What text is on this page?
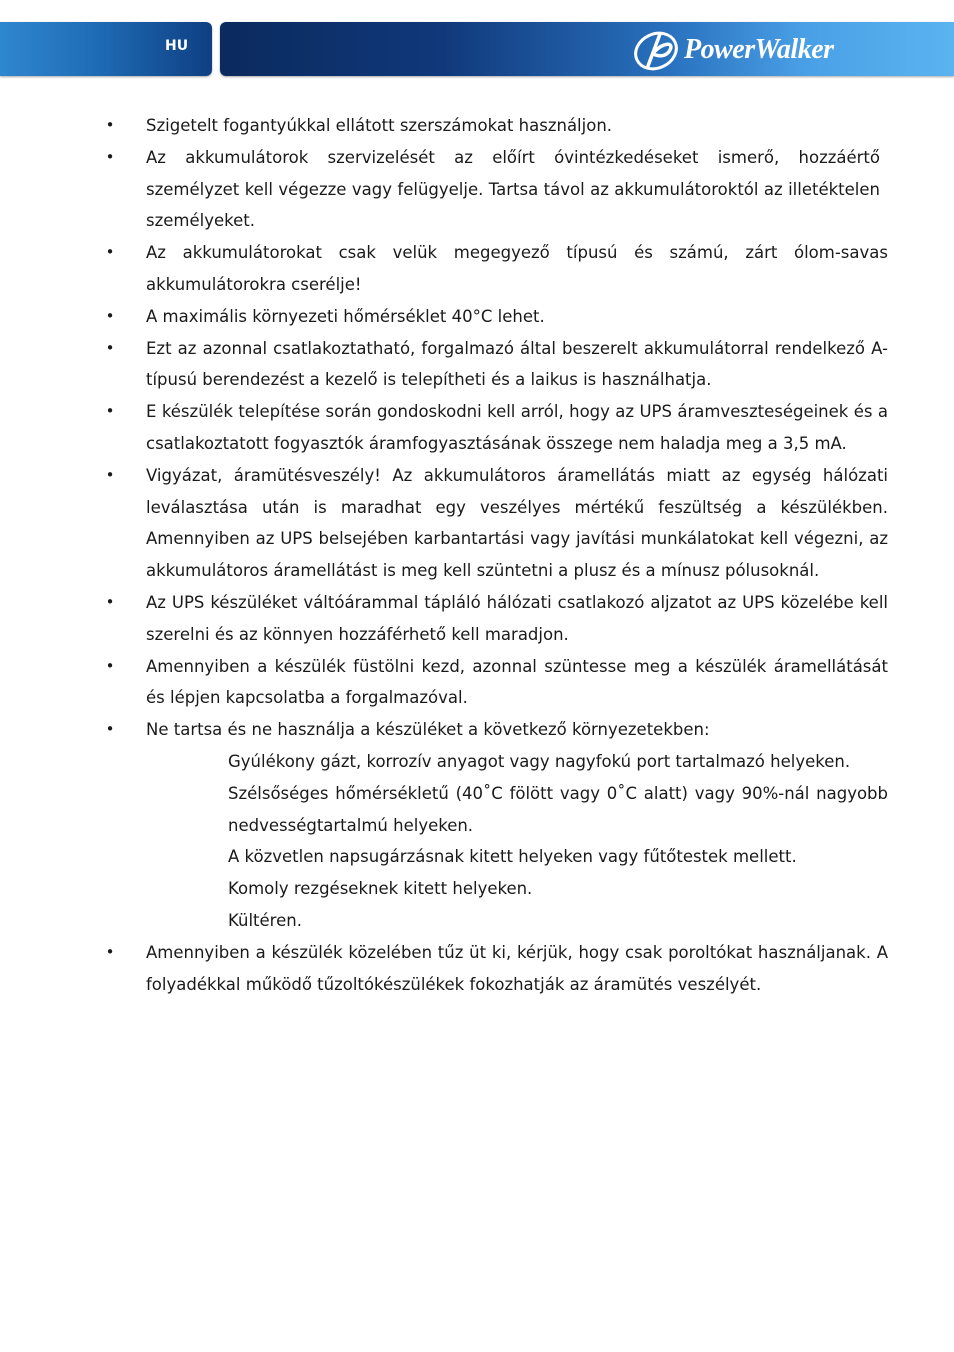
HU	PowerWalker
• Szigetelt fogantyúkkal ellátott szerszámokat használjon.
• Az akkumulátorok szervizelését az előírt óvintézkedéseket ismerő, hozzáértő személyzet kell végezze vagy felügyelje. Tartsa távol az akkumulátoroktól az illetéktelen személyeket.
• Az akkumulátorokat csak velük megegyező típusú és számú, zárt ólom-savas akkumulátorokra cserélje!
• A maximális környezeti hőmérséklet 40°C lehet.
• Ezt az azonnal csatlakoztatható, forgalmazó által beszerelt akkumulátorral rendelkező A-típusú berendezést a kezelő is telepítheti és a laikus is használhatja.
• E készülék telepítése során gondoskodni kell arról, hogy az UPS áramveszteségeinek és a csatlakoztatott fogyasztók áramfogyasztásának összege nem haladja meg a 3,5 mA.
• Vigyázat, áramütésveszély! Az akkumulátoros áramellátás miatt az egység hálózati leválasztása után is maradhat egy veszélyes mértékű feszültség a készülékben. Amennyiben az UPS belsejében karbantartási vagy javítási munkálatokat kell végezni, az akkumulátoros áramellátást is meg kell szüntetni a plusz és a mínusz pólusoknál.
• Az UPS készüléket váltóárammal tápláló hálózati csatlakozó aljzatot az UPS közelébe kell szerelni és az könnyen hozzáférhető kell maradjon.
• Amennyiben a készülék füstölni kezd, azonnal szüntesse meg a készülék áramellátását és lépjen kapcsolatba a forgalmazóval.
• Ne tartsa és ne használja a készüléket a következő környezetekben:
Gyúlékony gázt, korrozív anyagot vagy nagyfokú port tartalmazó helyeken.
Szélsőséges hőmérsékletű (40˚C fölött vagy 0˚C alatt) vagy 90%-nál nagyobb nedvességtartalmú helyeken.
A közvetlen napsugárzásnak kitett helyeken vagy fűtőtestek mellett.
Komoly rezgéseknek kitett helyeken.
Kültéren.
• Amennyiben a készülék közelében tűz üt ki, kérjük, hogy csak poroltókat használjanak. A folyadékkal működő tűzoltókészülékek fokozhatják az áramütés veszélyét.
